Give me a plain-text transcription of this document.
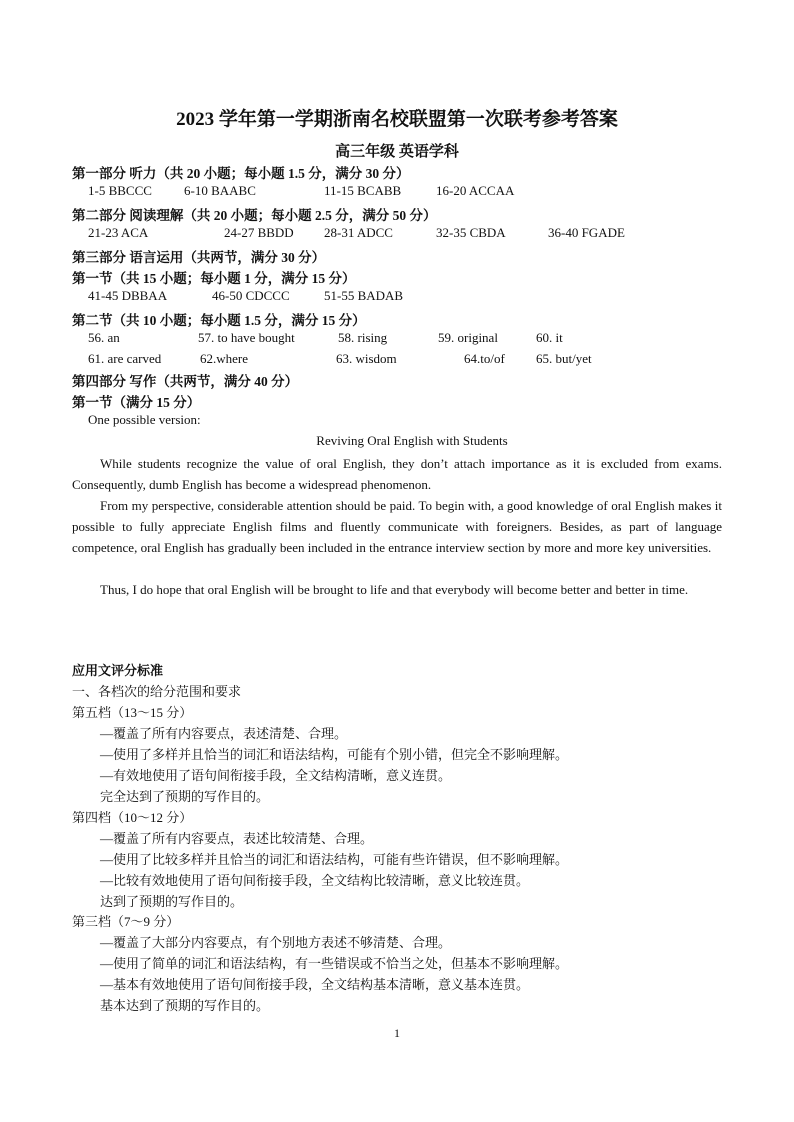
2023 学年第一学期浙南名校联盟第一次联考参考答案
高三年级 英语学科
第一部分 听力（共 20 小题；每小题 1.5 分，满分 30 分）
1-5 BBCCC 6-10 BAABC	11-15 BCABB	16-20 ACCAA
第二部分 阅读理解（共 20 小题；每小题 2.5 分，满分 50 分）
21-23 ACA	24-27 BBDD 28-31 ADCC	32-35 CBDA	36-40 FGADE
第三部分 语言运用（共两节，满分 30 分）
第一节（共 15 小题；每小题 1 分，满分 15 分）
41-45 DBBAA	46-50 CDCCC	51-55 BADAB
第二节（共 10 小题；每小题 1.5 分，满分 15 分）
56. an	57. to have bought	58. rising	59. original	60. it
61. are carved	62.where	63. wisdom	64.to/of 65. but/yet
第四部分 写作（共两节，满分 40 分）
第一节（满分 15 分）
One possible version:
Reviving Oral English with Students
While students recognize the value of oral English, they don’t attach importance as it is excluded from exams. Consequently, dumb English has become a widespread phenomenon.
From my perspective, considerable attention should be paid. To begin with, a good knowledge of oral English makes it possible to fully appreciate English films and fluently communicate with foreigners. Besides, as part of language competence, oral English has gradually been included in the entrance interview section by more and more key universities.
Thus, I do hope that oral English will be brought to life and that everybody will become better and better in time.
应用文评分标准
一、各档次的给分范围和要求
第五档（13～15 分）
—覆盖了所有内容要点，表述清楚、合理。
—使用了多样并且恰当的词汇和语法结构，可能有个别小错，但完全不影响理解。
—有效地使用了语句间衔接手段，全文结构清晰，意义连贯。
完全达到了预期的写作目的。
第四档（10～12 分）
—覆盖了所有内容要点，表述比较清楚、合理。
—使用了比较多样并且恰当的词汇和语法结构，可能有些许错误，但不影响理解。
—比较有效地使用了语句间衔接手段，全文结构比较清晰，意义比较连贯。
达到了预期的写作目的。
第三档（7～9 分）
—覆盖了大部分内容要点，有个别地方表述不够清楚、合理。
—使用了简单的词汇和语法结构，有一些错误或不恰当之处，但基本不影响理解。
—基本有效地使用了语句间衔接手段，全文结构基本清晰，意义基本连贯。
基本达到了预期的写作目的。
1
